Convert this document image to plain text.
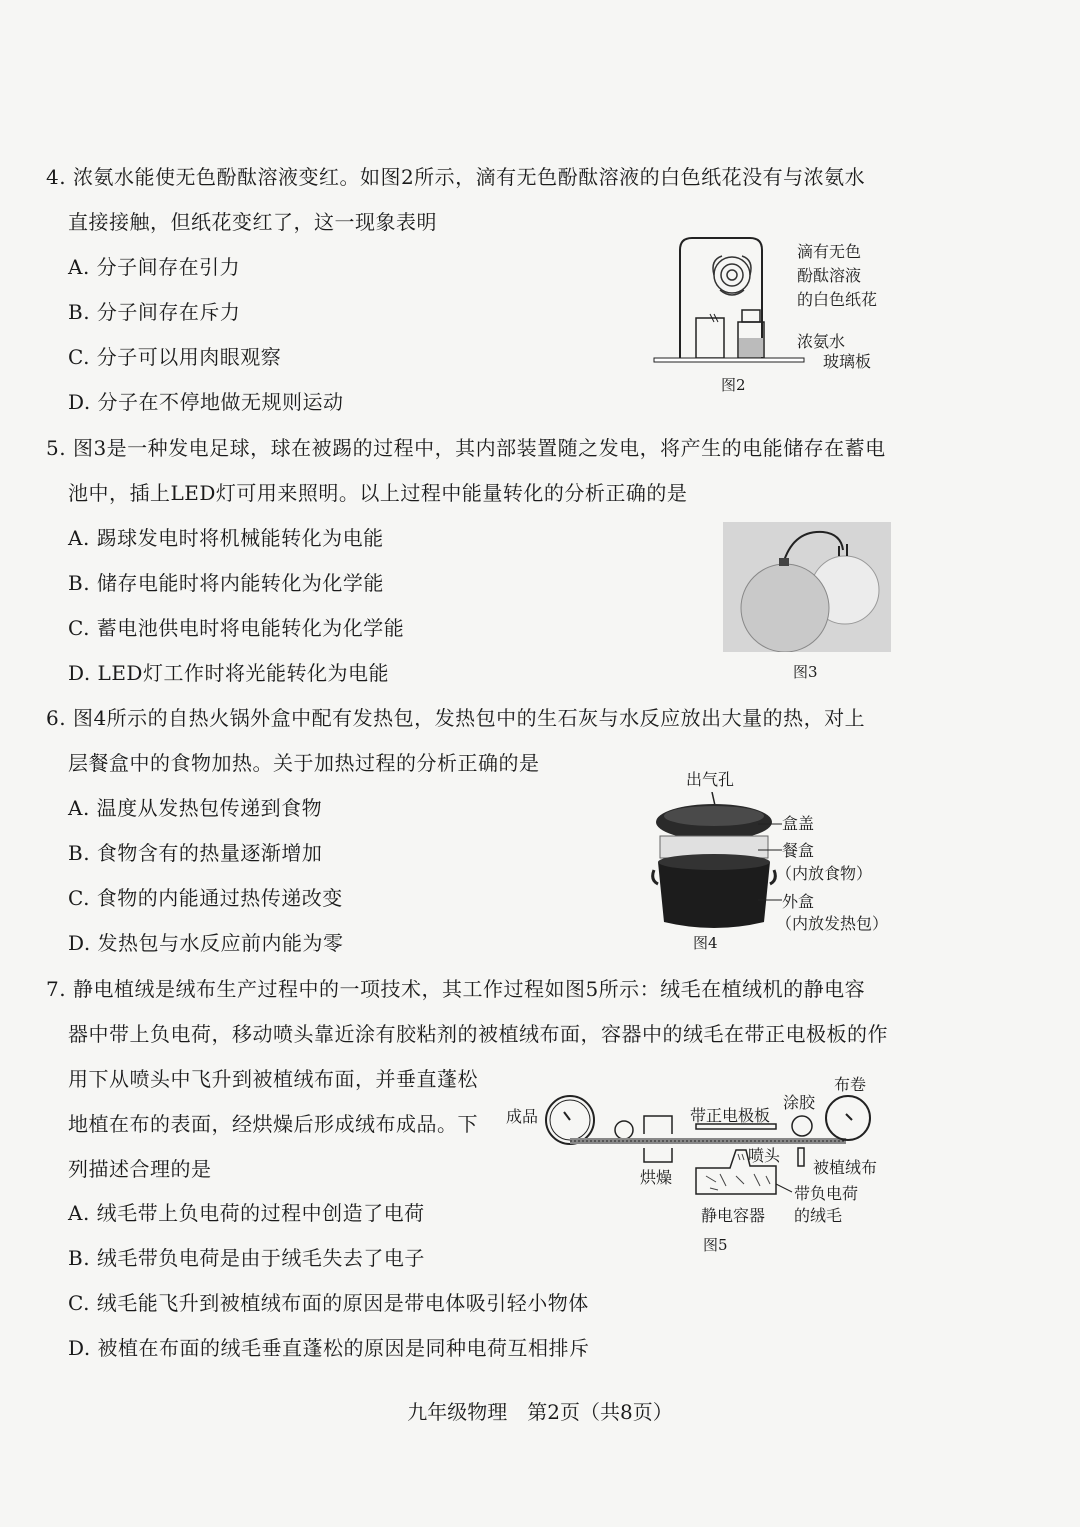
4. 浓氨水能使无色酚酞溶液变红。如图2所示，滴有无色酚酞溶液的白色纸花没有与浓氨水
直接接触，但纸花变红了，这一现象表明
A. 分子间存在引力
B. 分子间存在斥力
C. 分子可以用肉眼观察
D. 分子在不停地做无规则运动
滴有无色
酚酞溶液
的白色纸花
浓氨水
玻璃板
图2
5. 图3是一种发电足球，球在被踢的过程中，其内部装置随之发电，将产生的电能储存在蓄电
池中，插上LED灯可用来照明。以上过程中能量转化的分析正确的是
A. 踢球发电时将机械能转化为电能
B. 储存电能时将内能转化为化学能
C. 蓄电池供电时将电能转化为化学能
D. LED灯工作时将光能转化为电能	图3
6. 图4所示的自热火锅外盒中配有发热包，发热包中的生石灰与水反应放出大量的热，对上
层餐盒中的食物加热。关于加热过程的分析正确的是
A. 温度从发热包传递到食物
B. 食物含有的热量逐渐增加
C. 食物的内能通过热传递改变
D. 发热包与水反应前内能为零
出气孔
盒盖
餐盒
（内放食物）
外盒
（内放发热包）
图4
7. 静电植绒是绒布生产过程中的一项技术，其工作过程如图5所示：绒毛在植绒机的静电容
器中带上负电荷，移动喷头靠近涂有胶粘剂的被植绒布面，容器中的绒毛在带正电极板的作
用下从喷头中飞升到被植绒布面，并垂直蓬松
地植在布的表面，经烘燥后形成绒布成品。下
列描述合理的是
A. 绒毛带上负电荷的过程中创造了电荷
B. 绒毛带负电荷是由于绒毛失去了电子
C. 绒毛能飞升到被植绒布面的原因是带电体吸引轻小物体
D. 被植在布面的绒毛垂直蓬松的原因是同种电荷互相排斥
成品	带正电极板
涂胶
布卷
喷头
烘燥
被植绒布
带负电荷
的绒毛
静电容器
图5
九年级物理　第2页（共8页）
